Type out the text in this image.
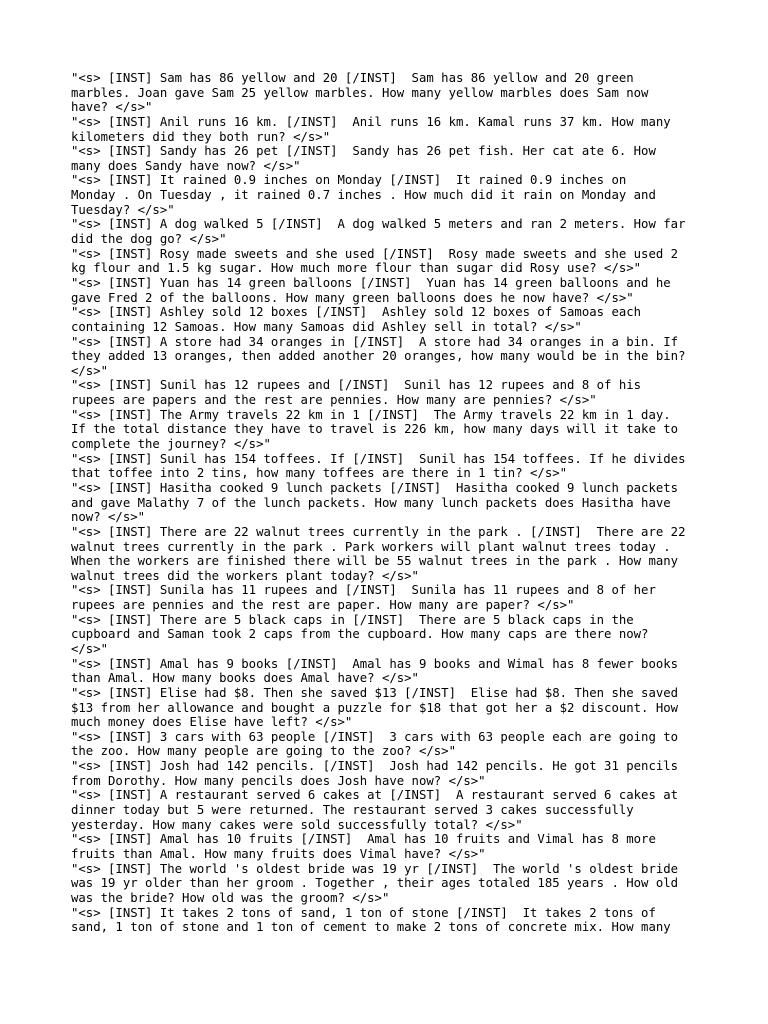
"<s> [INST] Sam has 86 yellow and 20 [/INST]  Sam has 86 yellow and 20 green
marbles. Joan gave Sam 25 yellow marbles. How many yellow marbles does Sam now
have? </s>"
"<s> [INST] Anil runs 16 km. [/INST]  Anil runs 16 km. Kamal runs 37 km. How many
kilometers did they both run? </s>"
"<s> [INST] Sandy has 26 pet [/INST]  Sandy has 26 pet fish. Her cat ate 6. How
many does Sandy have now? </s>"
"<s> [INST] It rained 0.9 inches on Monday [/INST]  It rained 0.9 inches on
Monday . On Tuesday , it rained 0.7 inches . How much did it rain on Monday and
Tuesday? </s>"
"<s> [INST] A dog walked 5 [/INST]  A dog walked 5 meters and ran 2 meters. How far
did the dog go? </s>"
"<s> [INST] Rosy made sweets and she used [/INST]  Rosy made sweets and she used 2
kg flour and 1.5 kg sugar. How much more flour than sugar did Rosy use? </s>"
"<s> [INST] Yuan has 14 green balloons [/INST]  Yuan has 14 green balloons and he
gave Fred 2 of the balloons. How many green balloons does he now have? </s>"
"<s> [INST] Ashley sold 12 boxes [/INST]  Ashley sold 12 boxes of Samoas each
containing 12 Samoas. How many Samoas did Ashley sell in total? </s>"
"<s> [INST] A store had 34 oranges in [/INST]  A store had 34 oranges in a bin. If
they added 13 oranges, then added another 20 oranges, how many would be in the bin?
</s>"
"<s> [INST] Sunil has 12 rupees and [/INST]  Sunil has 12 rupees and 8 of his
rupees are papers and the rest are pennies. How many are pennies? </s>"
"<s> [INST] The Army travels 22 km in 1 [/INST]  The Army travels 22 km in 1 day.
If the total distance they have to travel is 226 km, how many days will it take to
complete the journey? </s>"
"<s> [INST] Sunil has 154 toffees. If [/INST]  Sunil has 154 toffees. If he divides
that toffee into 2 tins, how many toffees are there in 1 tin? </s>"
"<s> [INST] Hasitha cooked 9 lunch packets [/INST]  Hasitha cooked 9 lunch packets
and gave Malathy 7 of the lunch packets. How many lunch packets does Hasitha have
now? </s>"
"<s> [INST] There are 22 walnut trees currently in the park . [/INST]  There are 22
walnut trees currently in the park . Park workers will plant walnut trees today .
When the workers are finished there will be 55 walnut trees in the park . How many
walnut trees did the workers plant today? </s>"
"<s> [INST] Sunila has 11 rupees and [/INST]  Sunila has 11 rupees and 8 of her
rupees are pennies and the rest are paper. How many are paper? </s>"
"<s> [INST] There are 5 black caps in [/INST]  There are 5 black caps in the
cupboard and Saman took 2 caps from the cupboard. How many caps are there now?
</s>"
"<s> [INST] Amal has 9 books [/INST]  Amal has 9 books and Wimal has 8 fewer books
than Amal. How many books does Amal have? </s>"
"<s> [INST] Elise had $8. Then she saved $13 [/INST]  Elise had $8. Then she saved
$13 from her allowance and bought a puzzle for $18 that got her a $2 discount. How
much money does Elise have left? </s>"
"<s> [INST] 3 cars with 63 people [/INST]  3 cars with 63 people each are going to
the zoo. How many people are going to the zoo? </s>"
"<s> [INST] Josh had 142 pencils. [/INST]  Josh had 142 pencils. He got 31 pencils
from Dorothy. How many pencils does Josh have now? </s>"
"<s> [INST] A restaurant served 6 cakes at [/INST]  A restaurant served 6 cakes at
dinner today but 5 were returned. The restaurant served 3 cakes successfully
yesterday. How many cakes were sold successfully total? </s>"
"<s> [INST] Amal has 10 fruits [/INST]  Amal has 10 fruits and Vimal has 8 more
fruits than Amal. How many fruits does Vimal have? </s>"
"<s> [INST] The world 's oldest bride was 19 yr [/INST]  The world 's oldest bride
was 19 yr older than her groom . Together , their ages totaled 185 years . How old
was the bride? How old was the groom? </s>"
"<s> [INST] It takes 2 tons of sand, 1 ton of stone [/INST]  It takes 2 tons of
sand, 1 ton of stone and 1 ton of cement to make 2 tons of concrete mix. How many
